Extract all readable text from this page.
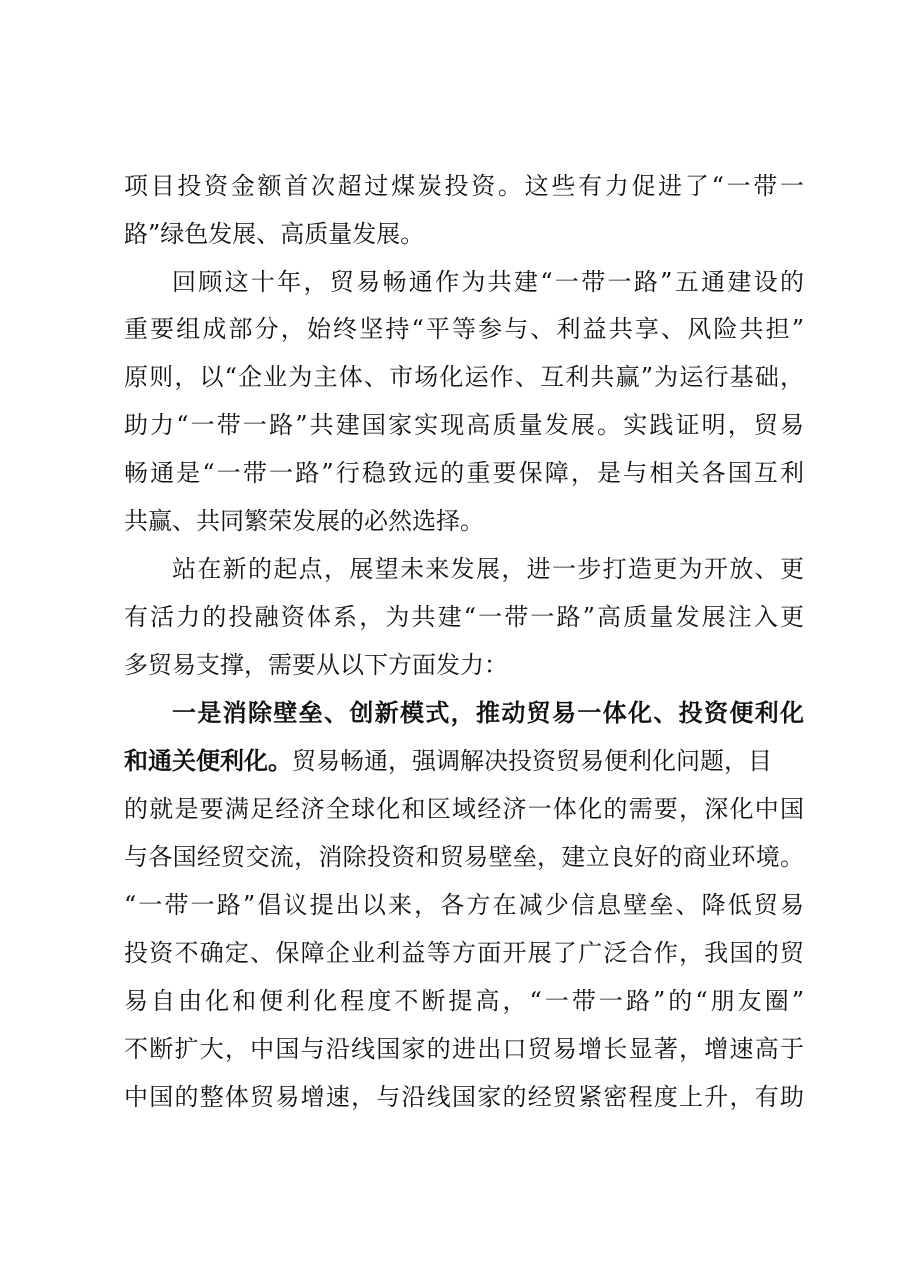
项目投资金额首次超过煤炭投资。这些有力促进了“一带一
路”绿色发展、高质量发展。
回顾这十年，贸易畅通作为共建“一带一路”五通建设的
重要组成部分，始终坚持“平等参与、利益共享、风险共担”
原则，以“企业为主体、市场化运作、互利共赢”为运行基础，
助力“一带一路”共建国家实现高质量发展。实践证明，贸易
畅通是“一带一路”行稳致远的重要保障，是与相关各国互利
共赢、共同繁荣发展的必然选择。
站在新的起点，展望未来发展，进一步打造更为开放、更
有活力的投融资体系，为共建“一带一路”高质量发展注入更
多贸易支撑，需要从以下方面发力：
一是消除壁垒、创新模式，推动贸易一体化、投资便利化
和通关便利化。贸易畅通，强调解决投资贸易便利化问题，目
的就是要满足经济全球化和区域经济一体化的需要，深化中国
与各国经贸交流，消除投资和贸易壁垒，建立良好的商业环境。
“一带一路”倡议提出以来，各方在减少信息壁垒、降低贸易
投资不确定、保障企业利益等方面开展了广泛合作，我国的贸
易自由化和便利化程度不断提高，“一带一路”的“朋友圈”
不断扩大，中国与沿线国家的进出口贸易增长显著，增速高于
中国的整体贸易增速，与沿线国家的经贸紧密程度上升，有助
